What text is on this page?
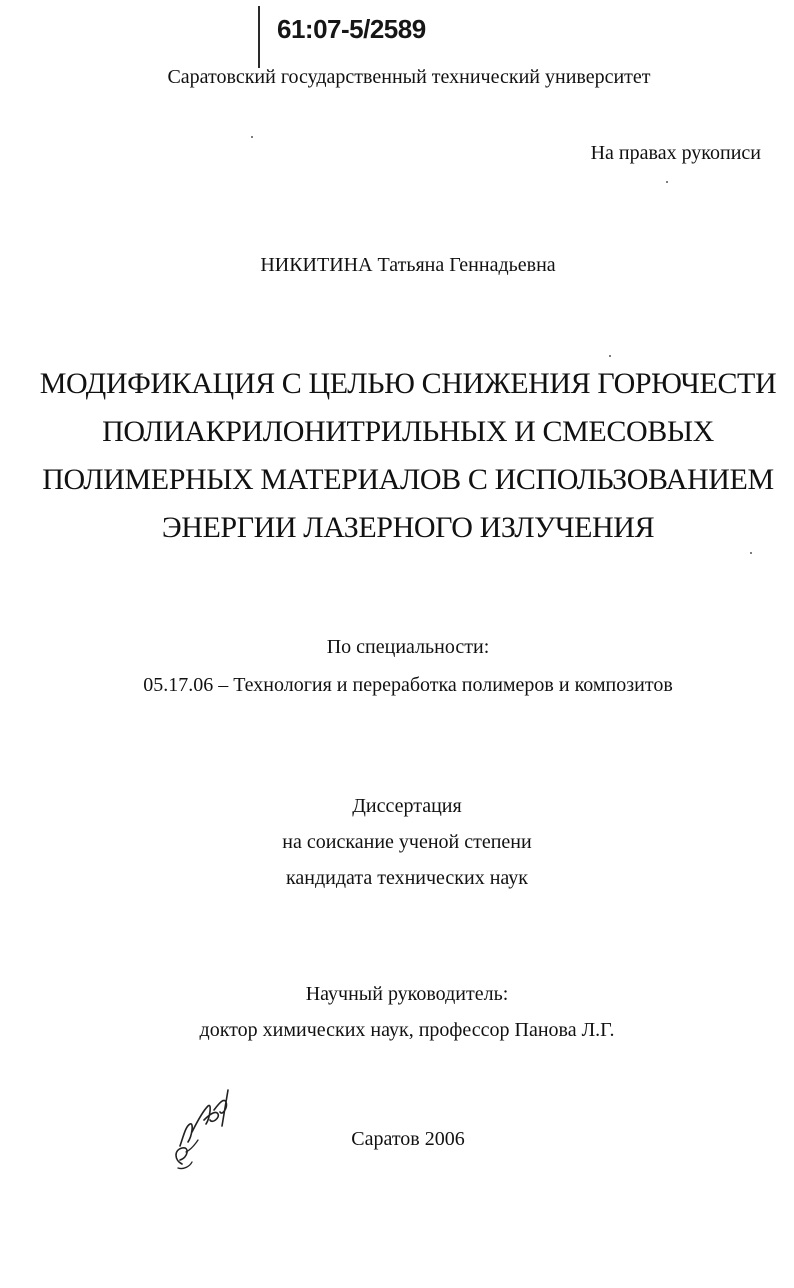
61:07-5/2589
Саратовский государственный технический университет
На правах рукописи
НИКИТИНА Татьяна Геннадьевна
МОДИФИКАЦИЯ С ЦЕЛЬЮ СНИЖЕНИЯ ГОРЮЧЕСТИ
ПОЛИАКРИЛОНИТРИЛЬНЫХ И СМЕСОВЫХ
ПОЛИМЕРНЫХ МАТЕРИАЛОВ С ИСПОЛЬЗОВАНИЕМ
ЭНЕРГИИ ЛАЗЕРНОГО ИЗЛУЧЕНИЯ
По специальности:
05.17.06 – Технология и переработка полимеров и композитов
Диссертация
на соискание ученой степени
кандидата технических наук
Научный руководитель:
доктор химических наук, профессор Панова Л.Г.
Саратов 2006
